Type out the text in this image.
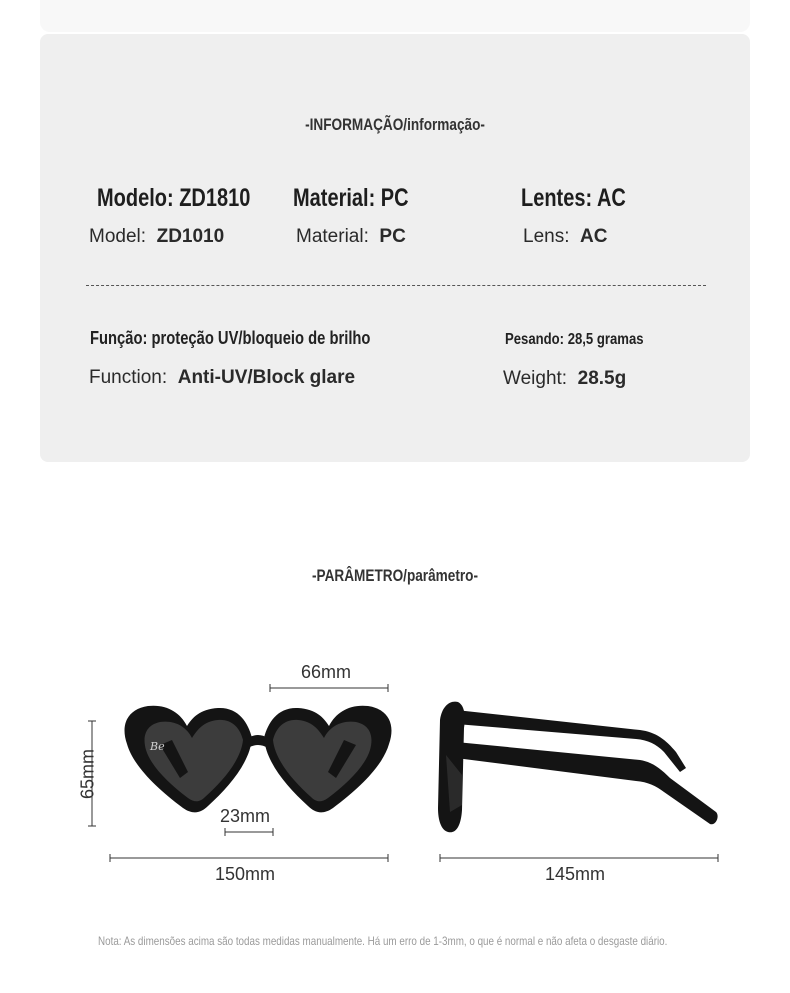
-INFORMAÇÃO/informação-
Modelo: ZD1810
Model: ZD1010
Material: PC
Material: PC
Lentes: AC
Lens: AC
Função: proteção UV/bloqueio de brilho
Function: Anti-UV/Block glare
Pesando: 28,5 gramas
Weight: 28.5g
-PARÂMETRO/parâmetro-
Be
66mm
65mm
23mm
150mm	145mm
Nota: As dimensões acima são todas medidas manualmente. Há um erro de 1-3mm, o que é normal e não afeta o desgaste diário.
